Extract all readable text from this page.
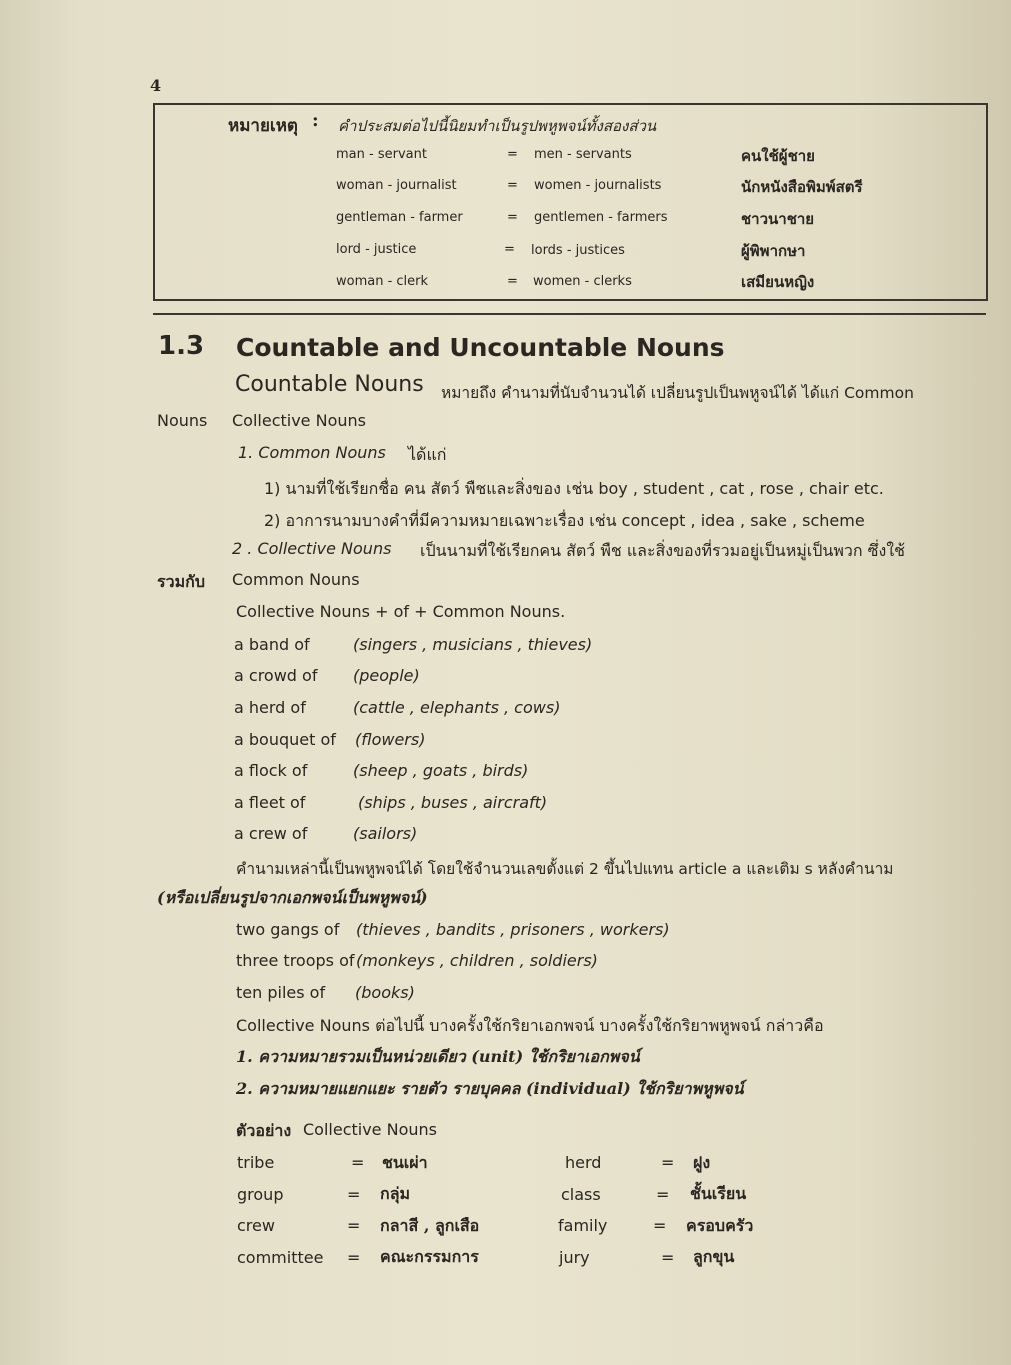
4
หมายเหตุ : คำประสมต่อไปนี้นิยมทำเป็นรูปพหูพจน์ทั้งสองส่วน
man - servant	= men - servants	คนใช้ผู้ชาย
woman - journalist	= women - journalists	นักหนังสือพิมพ์สตรี
gentleman - farmer	= gentlemen - farmers	ชาวนาชาย
lord - justice	= lords - justices	ผู้พิพากษา
woman - clerk	= women - clerks	เสมียนหญิง
1.3 Countable and Uncountable Nouns
Countable Nouns หมายถึง คำนามที่นับจำนวนได้ เปลี่ยนรูปเป็นพหูจน์ได้ ได้แก่ Common
Nouns Collective Nouns
1. Common Nouns ได้แก่
1) นามที่ใช้เรียกชื่อ คน สัตว์ พืชและสิ่งของ เช่น boy , student , cat , rose , chair etc.
2) อาการนามบางคำที่มีความหมายเฉพาะเรื่อง เช่น concept , idea , sake , scheme
2 . Collective Nouns เป็นนามที่ใช้เรียกคน สัตว์ พืช และสิ่งของที่รวมอยู่เป็นหมู่เป็นพวก ซึ่งใช้
รวมกับ Common Nouns
Collective Nouns + of + Common Nouns.
a band of	(singers , musicians , thieves)
a crowd of (people)
a herd of	(cattle , elephants , cows)
a bouquet of (flowers)
a flock of	(sheep , goats , birds)
a fleet of	(ships , buses , aircraft)
a crew of	(sailors)
คำนามเหล่านี้เป็นพหูพจน์ได้ โดยใช้จำนวนเลขตั้งแต่ 2 ขึ้นไปแทน article a และเติม s หลังคำนาม
(หรือเปลี่ยนรูปจากเอกพจน์เป็นพหูพจน์)
two gangs of (thieves , bandits , prisoners , workers)
three troops of (monkeys , children , soldiers)
ten piles of (books)
Collective Nouns ต่อไปนี้ บางครั้งใช้กริยาเอกพจน์ บางครั้งใช้กริยาพหูพจน์ กล่าวคือ
1. ความหมายรวมเป็นหน่วยเดียว (unit) ใช้กริยาเอกพจน์
2. ความหมายแยกแยะ รายตัว รายบุคคล (individual) ใช้กริยาพหูพจน์
ตัวอย่าง Collective Nouns
tribe	= ชนเผ่า	herd	= ฝูง
group	= กลุ่ม	class	= ชั้นเรียน
crew	= กลาสี , ลูกเสือ	family	= ครอบครัว
committee = คณะกรรมการ	jury	= ลูกขุน
